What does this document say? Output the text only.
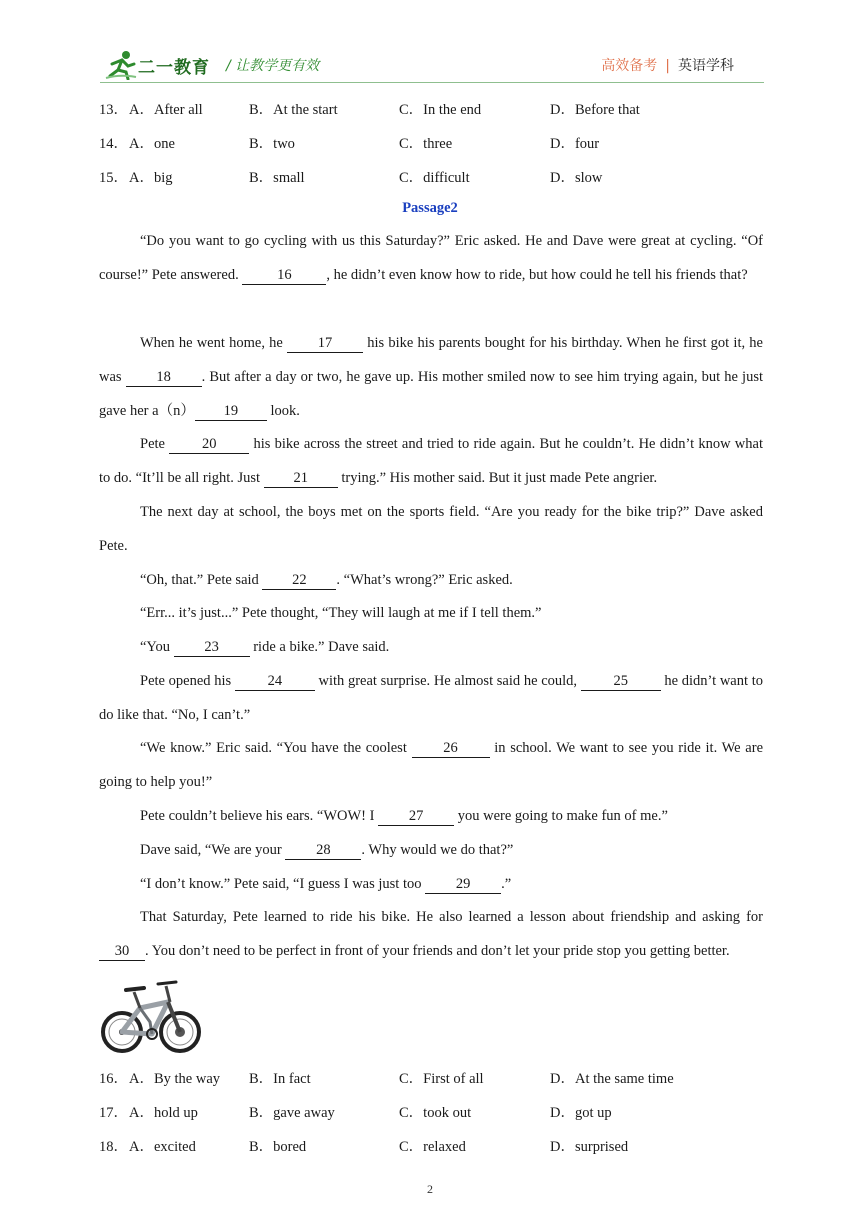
二一教育 / 让教学更有效	高效备考 | 英语学科
13． A．After all	B．At the start	C．In the end	D．Before that
14． A．one	B．two	C．three	D．four
15． A．big	B．small	C．difficult	D．slow
Passage2

“Do you want to go cycling with us this Saturday?” Eric asked. He and Dave were great at cycling. “Of course!” Pete answered. 16 , he didn’t even know how to ride, but how could he tell his friends that?

When he went home, he 17 his bike his parents bought for his birthday. When he first got it, he was 18 . But after a day or two, he gave up. His mother smiled now to see him trying again, but he just gave her a（n） 19 look.

Pete 20 his bike across the street and tried to ride again. But he couldn’t. He didn’t know what to do. “It’ll be all right. Just 21 trying.” His mother said. But it just made Pete angrier.

The next day at school, the boys met on the sports field. “Are you ready for the bike trip?” Dave asked Pete.

“Oh, that.” Pete said 22 . “What’s wrong?” Eric asked.

“Err... it’s just...” Pete thought, “They will laugh at me if I tell them.”

“You 23 ride a bike.” Dave said.

Pete opened his 24 with great surprise. He almost said he could, 25 he didn’t want to do like that. “No, I can’t.”

“We know.” Eric said. “You have the coolest 26 in school. We want to see you ride it. We are going to help you!”

Pete couldn’t believe his ears. “WOW! I 27 you were going to make fun of me.”

Dave said, “We are your 28 . Why would we do that?”

“I don’t know.” Pete said, “I guess I was just too 29 .”

That Saturday, Pete learned to ride his bike. He also learned a lesson about friendship and asking for 30 . You don’t need to be perfect in front of your friends and don’t let your pride stop you getting better.

16． A．By the way B．In fact	C．First of all	D．At the same time
17． A．hold up	B．gave away	C．took out	D．got up
18． A．excited	B．bored	C．relaxed	D．surprised
2
